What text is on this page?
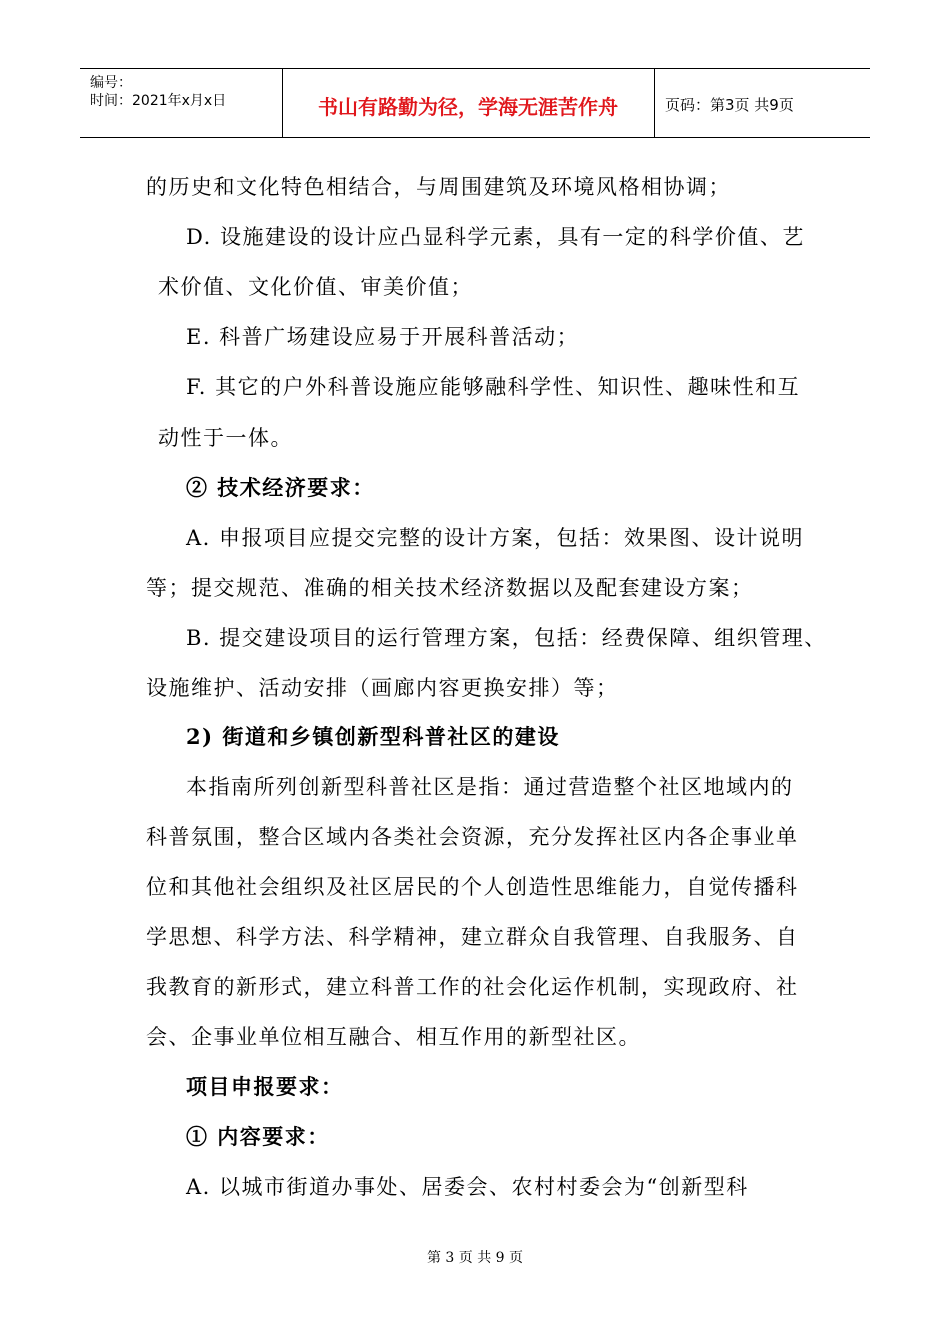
编号：
时间：2021年x月x日	书山有路勤为径，学海无涯苦作舟	页码：第3页 共9页
的历史和文化特色相结合，与周围建筑及环境风格相协调；
D. 设施建设的设计应凸显科学元素，具有一定的科学价值、艺
术价值、文化价值、审美价值；
E. 科普广场建设应易于开展科普活动；
F. 其它的户外科普设施应能够融科学性、知识性、趣味性和互
动性于一体。
② 技术经济要求：
A. 申报项目应提交完整的设计方案，包括：效果图、设计说明
等；提交规范、准确的相关技术经济数据以及配套建设方案；
B. 提交建设项目的运行管理方案，包括：经费保障、组织管理、
设施维护、活动安排（画廊内容更换安排）等；
2) 街道和乡镇创新型科普社区的建设
本指南所列创新型科普社区是指：通过营造整个社区地域内的
科普氛围，整合区域内各类社会资源，充分发挥社区内各企事业单
位和其他社会组织及社区居民的个人创造性思维能力，自觉传播科
学思想、科学方法、科学精神，建立群众自我管理、自我服务、自
我教育的新形式，建立科普工作的社会化运作机制，实现政府、社
会、企事业单位相互融合、相互作用的新型社区。
项目申报要求：
① 内容要求：
A. 以城市街道办事处、居委会、农村村委会为“创新型科
第 3 页 共 9 页
